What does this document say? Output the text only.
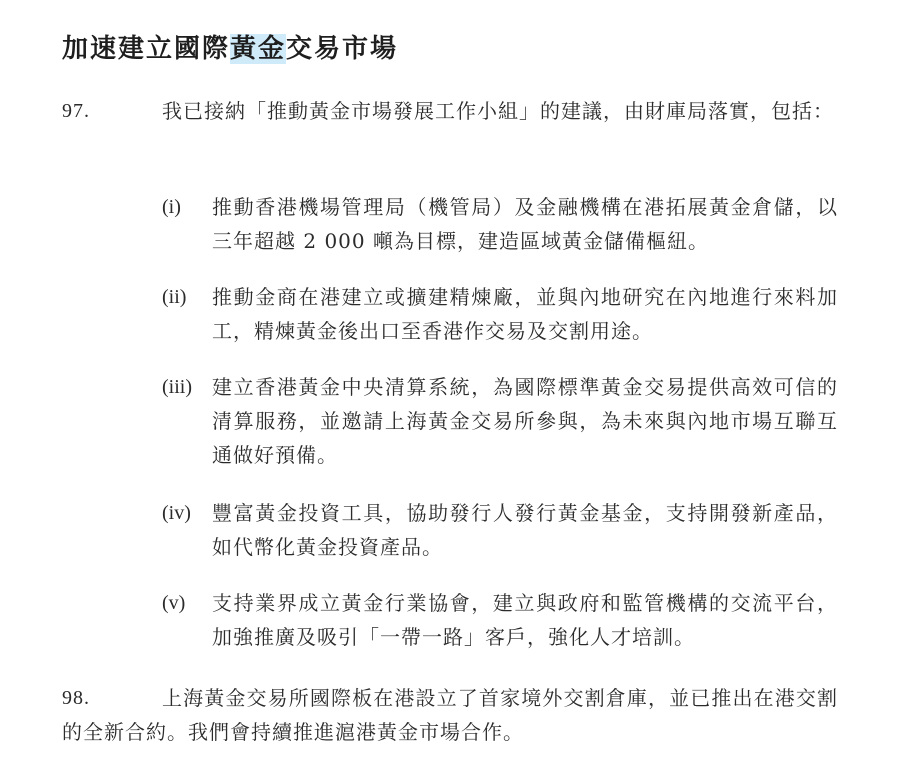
加速建立國際黃金交易市場
97.	我已接納「推動黃金市場發展工作小組」的建議，由財庫局落實，包括：
(i) 推動香港機場管理局（機管局）及金融機構在港拓展黃金倉儲，以三年超越 2 000 噸為目標，建造區域黃金儲備樞紐。
(ii) 推動金商在港建立或擴建精煉廠，並與內地研究在內地進行來料加工，精煉黃金後出口至香港作交易及交割用途。
(iii) 建立香港黃金中央清算系統，為國際標準黃金交易提供高效可信的清算服務，並邀請上海黃金交易所參與，為未來與內地市場互聯互通做好預備。
(iv) 豐富黃金投資工具，協助發行人發行黃金基金，支持開發新產品，如代幣化黃金投資產品。
(v) 支持業界成立黃金行業協會，建立與政府和監管機構的交流平台，加強推廣及吸引「一帶一路」客戶，強化人才培訓。
98.	上海黃金交易所國際板在港設立了首家境外交割倉庫，並已推出在港交割的全新合約。我們會持續推進滬港黃金市場合作。
